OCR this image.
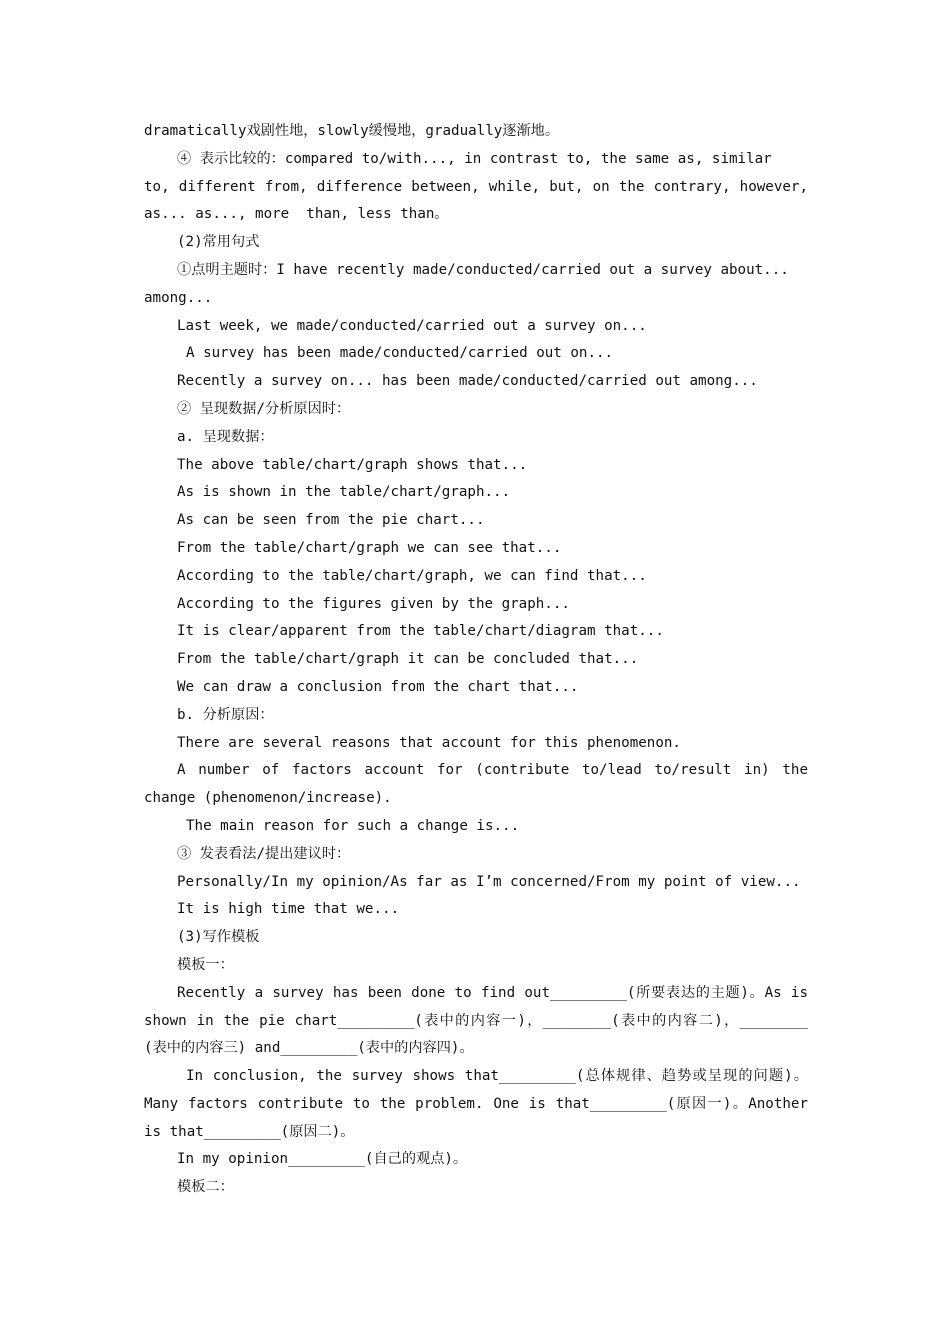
dramatically戏剧性地，slowly缓慢地，gradually逐渐地。
④ 表示比较的：compared to/with..., in contrast to, the same as, similar
to, different from, difference between, while, but, on the contrary, however,
as... as..., more  than, less than。
(2)常用句式
①点明主题时：I have recently made/conducted/carried out a survey about...
among...
Last week, we made/conducted/carried out a survey on...
A survey has been made/conducted/carried out on...
Recently a survey on... has been made/conducted/carried out among...
② 呈现数据/分析原因时：
a. 呈现数据：
The above table/chart/graph shows that...
As is shown in the table/chart/graph...
As can be seen from the pie chart...
From the table/chart/graph we can see that...
According to the table/chart/graph, we can find that...
According to the figures given by the graph...
It is clear/apparent from the table/chart/diagram that...
From the table/chart/graph it can be concluded that...
We can draw a conclusion from the chart that...
b. 分析原因：
There are several reasons that account for this phenomenon.
A number of factors account for (contribute to/lead to/result in) the
change (phenomenon/increase).
The main reason for such a change is...
③ 发表看法/提出建议时：
Personally/In my opinion/As far as I’m concerned/From my point of view...
It is high time that we...
(3)写作模板
模板一：
Recently a survey has been done to find out_________(所要表达的主题)。As is
shown in the pie chart_________(表中的内容一)，________(表中的内容二)，________
(表中的内容三) and_________(表中的内容四)。
In conclusion, the survey shows that_________(总体规律、趋势或呈现的问题)。
Many factors contribute to the problem. One is that_________(原因一)。Another
is that_________(原因二)。
In my opinion_________(自己的观点)。
模板二：
